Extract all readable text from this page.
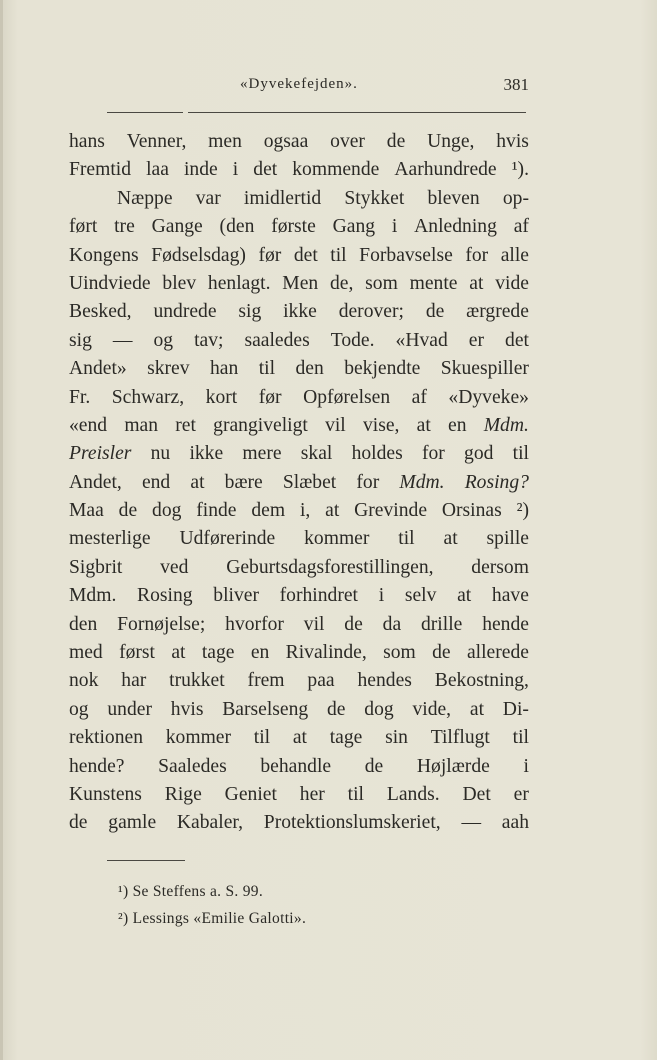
«Dyvekefejden».	381
hans Venner, men ogsaa over de Unge, hvis
Fremtid laa inde i det kommende Aarhundrede ¹).
Næppe var imidlertid Stykket bleven op-
ført tre Gange (den første Gang i Anledning af
Kongens Fødselsdag) før det til Forbavselse for alle
Uindviede blev henlagt. Men de, som mente at vide
Besked, undrede sig ikke derover; de ærgrede
sig — og tav; saaledes Tode. «Hvad er det
Andet» skrev han til den bekjendte Skuespiller
Fr. Schwarz, kort før Opførelsen af «Dyveke»
«end man ret grangiveligt vil vise, at en Mdm.
Preisler nu ikke mere skal holdes for god til
Andet, end at bære Slæbet for Mdm. Rosing?
Maa de dog finde dem i, at Grevinde Orsinas ²)
mesterlige Udførerinde kommer til at spille
Sigbrit ved Geburtsdagsforestillingen, dersom
Mdm. Rosing bliver forhindret i selv at have
den Fornøjelse; hvorfor vil de da drille hende
med først at tage en Rivalinde, som de allerede
nok har trukket frem paa hendes Bekostning,
og under hvis Barselseng de dog vide, at Di-
rektionen kommer til at tage sin Tilflugt til
hende? Saaledes behandle de Højlærde i
Kunstens Rige Geniet her til Lands. Det er
de gamle Kabaler, Protektionslumskeriet, — aah
¹) Se Steffens a. S. 99.
²) Lessings «Emilie Galotti».
